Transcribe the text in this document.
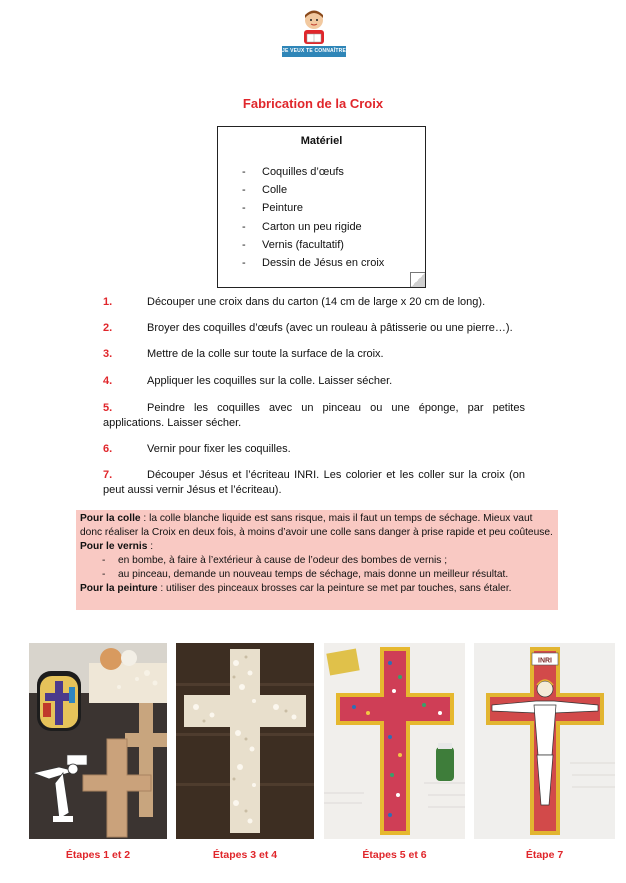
JE VEUX TE CONNAÎTRE
Fabrication de la Croix
Matériel
- Coquilles d’œufs
- Colle
- Peinture
- Carton un peu rigide
- Vernis (facultatif)
- Dessin de Jésus en croix
1.	Découper une croix dans du carton (14 cm de large x 20 cm de long).
2.	Broyer des coquilles d’œufs (avec un rouleau à pâtisserie ou une pierre…).
3.	Mettre de la colle sur toute la surface de la croix.
4.	Appliquer les coquilles sur la colle. Laisser sécher.
5.	Peindre les coquilles avec un pinceau ou une éponge, par petites applications. Laisser sécher.
6.	Vernir pour fixer les coquilles.
7.	Découper Jésus et l’écriteau INRI. Les colorier et les coller sur la croix (on peut aussi vernir Jésus et l’écriteau).
Pour la colle : la colle blanche liquide est sans risque, mais il faut un temps de séchage. Mieux vaut donc réaliser la Croix en deux fois, à moins d’avoir une colle sans danger à prise rapide et peu coûteuse.
Pour le vernis :
- en bombe, à faire à l’extérieur à cause de l’odeur des bombes de vernis ;
- au pinceau, demande un nouveau temps de séchage, mais donne un meilleur résultat.
Pour la peinture : utiliser des pinceaux brosses car la peinture se met par touches, sans étaler.
INRI
Étapes 1 et 2	Étapes 3 et 4	Étapes 5 et 6	Étape 7
